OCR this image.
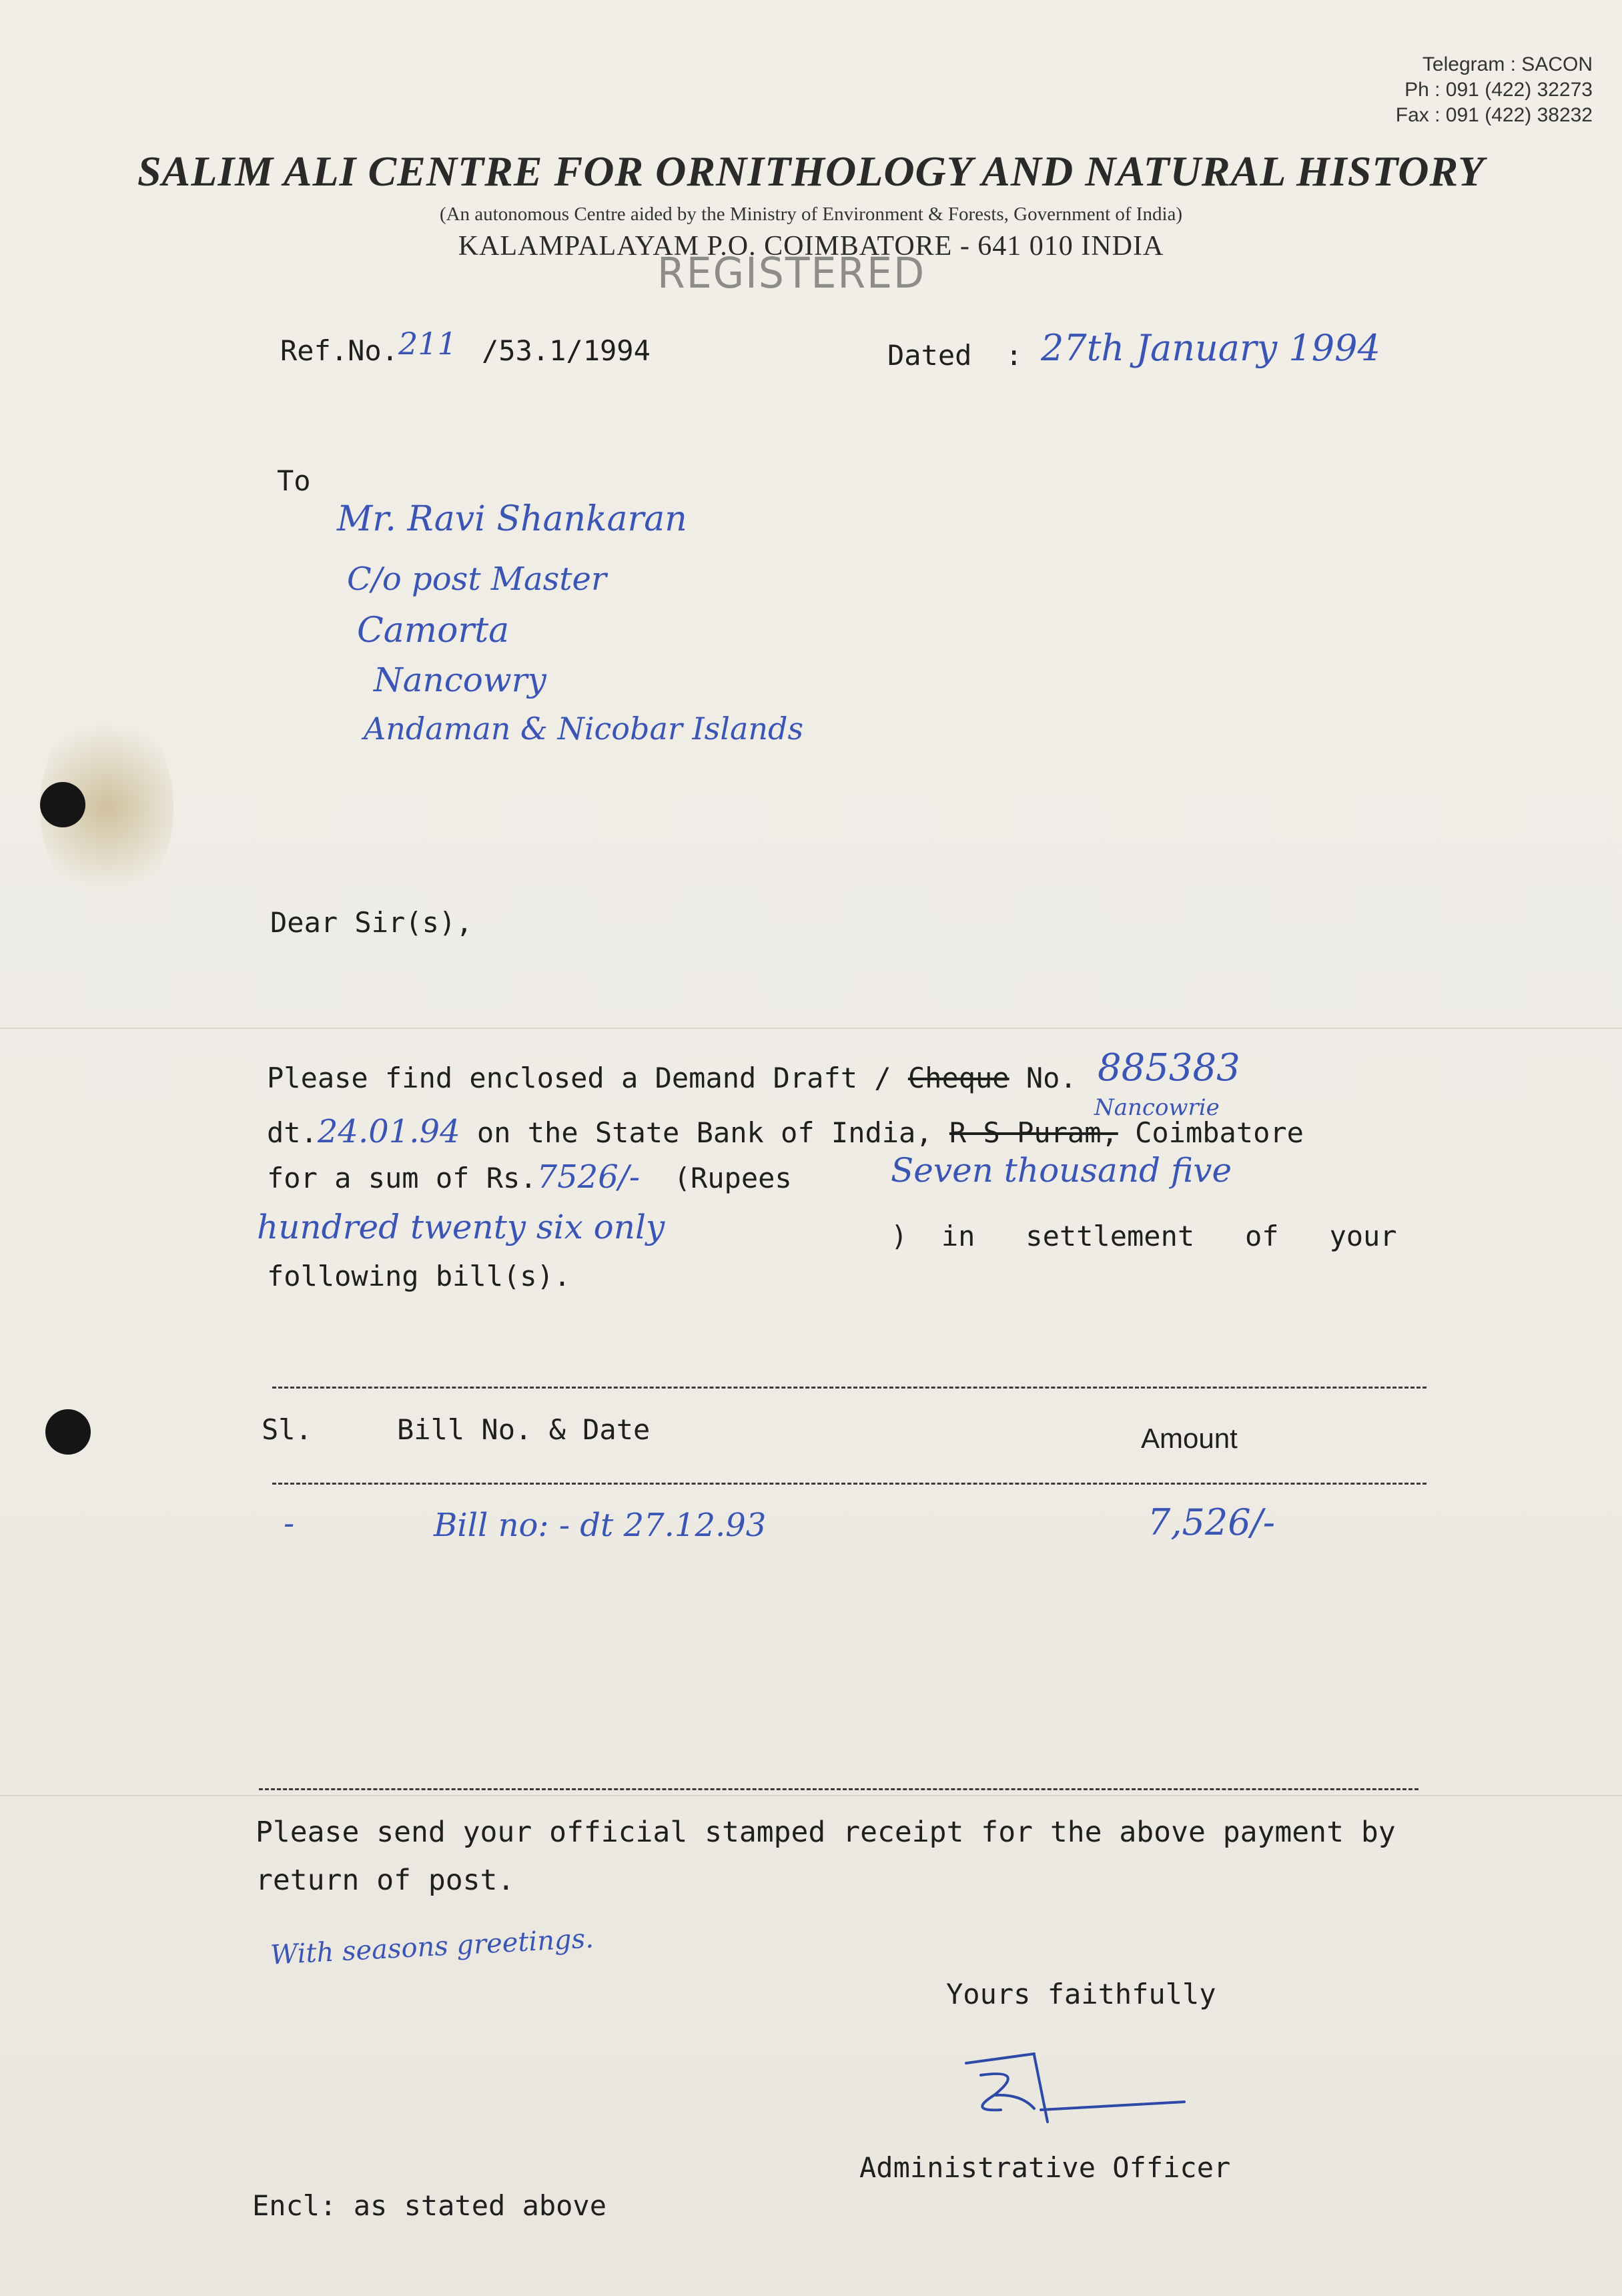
Telegram : SACON
Ph : 091 (422) 32273
Fax : 091 (422) 38232
SALIM ALI CENTRE FOR ORNITHOLOGY AND NATURAL HISTORY
(An autonomous Centre aided by the Ministry of Environment & Forests, Government of India)
KALAMPALAYAM P.O. COIMBATORE - 641 010 INDIA
REGISTERED
Ref.No. 211 /53.1/1994	Dated  : 27th January 1994
To
Mr. Ravi Shankaran
C/o post Master
Camorta
Nancowry
Andaman & Nicobar Islands
Dear Sir(s),
Please find enclosed a Demand Draft / Cheque No. 885383
Nancowrie
dt.24.01.94 on the State Bank of India, R S Puram, Coimbatore
for a sum of Rs.7526/- (Rupees	Seven thousand five
hundred twenty six only	)  in   settlement   of   your
following bill(s).
Sl.	Bill No. & Date	Amount
-	Bill no: - dt 27.12.93	7,526/-
Please send your official stamped receipt for the above payment by
return of post.
With seasons greetings.
Yours faithfully
Administrative Officer
Encl: as stated above
